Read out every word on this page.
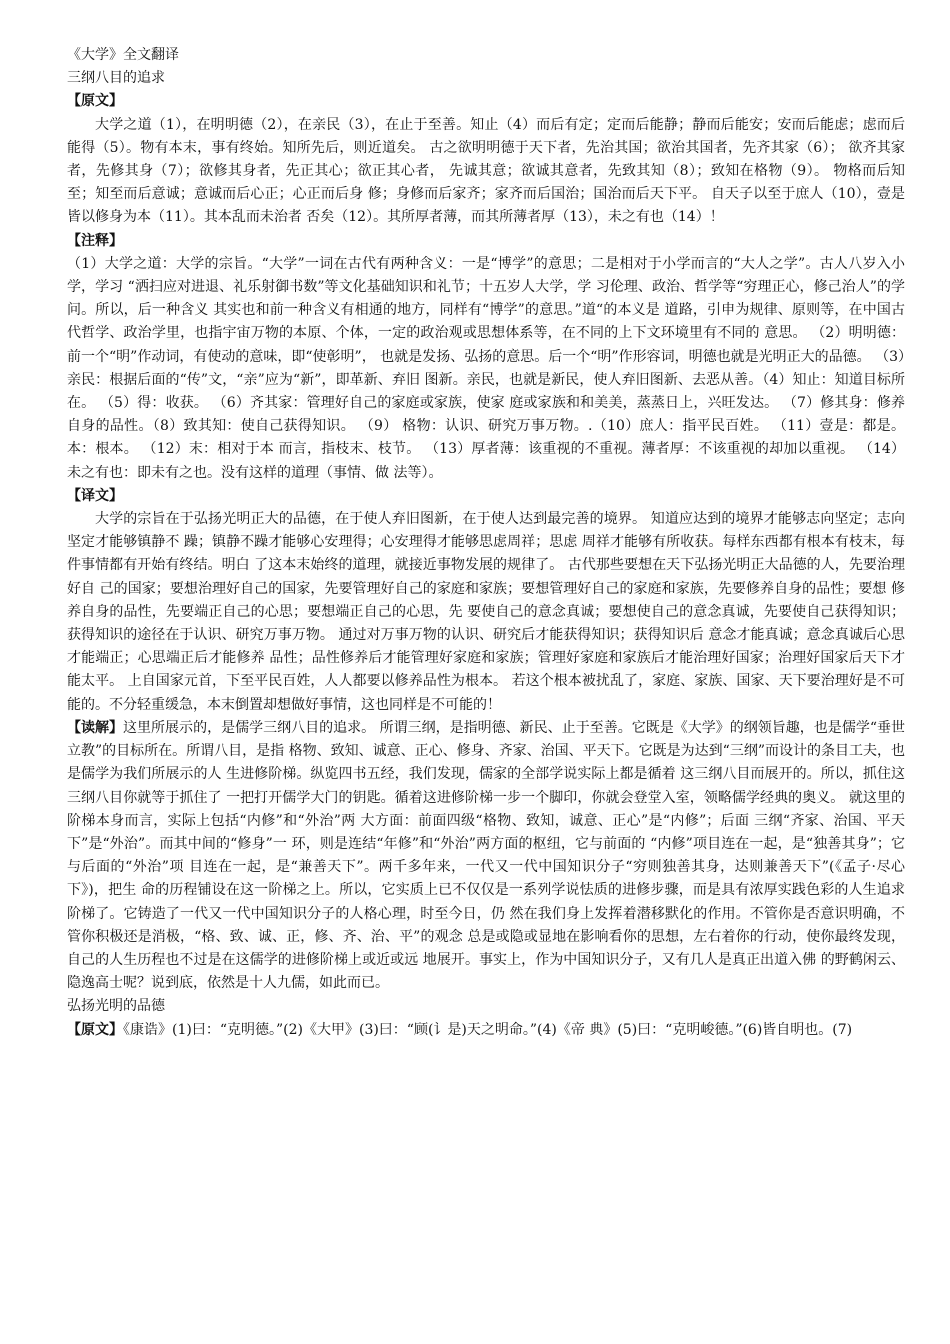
《大学》全文翻译
三纲八目的追求
【原文】
大学之道（1），在明明德（2），在亲民（3），在止于至善。知止（4）而后有定；定而后能静；静而后能安；安而后能虑；虑而后能得（5）。物有本末，事有终始。知所先后，则近道矣。 古之欲明明德于天下者，先治其国；欲治其国者，先齐其家（6）； 欲齐其家者，先修其身（7）；欲修其身者，先正其心；欲正其心者， 先诚其意；欲诚其意者，先致其知（8）；致知在格物（9）。 物格而后知至；知至而后意诚；意诚而后心正；心正而后身 修；身修而后家齐；家齐而后国治；国治而后天下平。 自天子以至于庶人（10），壹是皆以修身为本（11）。其本乱而未治者 否矣（12）。其所厚者薄，而其所薄者厚（13），未之有也（14）！
【注释】
（1）大学之道：大学的宗旨。“大学”一词在古代有两种含义：一是“博学”的意思；二是相对于小学而言的“大人之学”。古人八岁入小学，学习 “洒扫应对进退、礼乐射御书数”等文化基础知识和礼节；十五岁人大学，学 习伦理、政治、哲学等“穷理正心，修己治人”的学问。所以，后一种含义 其实也和前一种含义有相通的地方，同样有“博学”的意思。”道“的本义是 道路，引申为规律、原则等，在中国古代哲学、政治学里，也指宇宙万物的本原、个体，一定的政治观或思想体系等，在不同的上下文环境里有不同的 意思。 （2）明明德：前一个“明”作动词，有使动的意味，即“使彰明”， 也就是发扬、弘扬的意思。后一个“明”作形容词，明德也就是光明正大的品德。 （3）亲民：根据后面的“传”文，“亲”应为“新”，即革新、弃旧 图新。亲民，也就是新民，使人弃旧图新、去恶从善。（4）知止：知道目标所在。 （5）得：收获。 （6）齐其家：管理好自己的家庭或家族，使家 庭或家族和和美美，蒸蒸日上，兴旺发达。 （7）修其身：修养自身的品性。（8）致其知：使自己获得知识。 （9） 格物：认识、研究万事万物。.（10）庶人：指平民百姓。 （11）壹是：都是。本：根本。 （12）末：相对于本 而言，指枝末、枝节。 （13）厚者薄：该重视的不重视。薄者厚：不该重视的却加以重视。 （14）未之有也：即未有之也。没有这样的道理（事情、做 法等）。
【译文】
大学的宗旨在于弘扬光明正大的品德，在于使人弃旧图新，在于使人达到最完善的境界。 知道应达到的境界才能够志向坚定；志向坚定才能够镇静不 躁；镇静不躁才能够心安理得；心安理得才能够思虑周祥；思虑 周祥才能够有所收获。每样东西都有根本有枝末，每件事情都有开始有终结。明白 了这本末始终的道理，就接近事物发展的规律了。 古代那些要想在天下弘扬光明正大品德的人，先要治理好自 己的国家；要想治理好自己的国家，先要管理好自己的家庭和家族；要想管理好自己的家庭和家族，先要修养自身的品性；要想 修养自身的品性，先要端正自己的心思；要想端正自己的心思，先 要使自己的意念真诚；要想使自己的意念真诚，先要使自己获得知识；获得知识的途径在于认识、研究万事万物。 通过对万事万物的认识、研究后才能获得知识；获得知识后 意念才能真诚；意念真诚后心思才能端正；心思端正后才能修养 品性；品性修养后才能管理好家庭和家族；管理好家庭和家族后才能治理好国家；治理好国家后天下才能太平。 上自国家元首，下至平民百姓，人人都要以修养品性为根本。 若这个根本被扰乱了，家庭、家族、国家、天下要治理好是不可 能的。不分轻重缓急，本末倒置却想做好事情，这也同样是不可能的！
【读解】这里所展示的，是儒学三纲八目的追求。 所谓三纲，是指明德、新民、止于至善。它既是《大学》的纲领旨趣，也是儒学“垂世立教”的目标所在。所谓八目，是指 格物、致知、诚意、正心、修身、齐家、治国、平天下。它既是为达到“三纲”而设计的条目工夫，也是儒学为我们所展示的人 生进修阶梯。纵览四书五经，我们发现，儒家的全部学说实际上都是循着 这三纲八目而展开的。所以，抓住这三纲八目你就等于抓住了 一把打开儒学大门的钥匙。循着这进修阶梯一步一个脚印，你就会登堂入室，领略儒学经典的奥义。 就这里的阶梯本身而言，实际上包括“内修”和“外治”两 大方面：前面四级“格物、致知，诚意、正心”是“内修”；后面 三纲“齐家、治国、平天下”是“外治”。而其中间的“修身”一 环，则是连结“年修”和“外治”两方面的枢纽，它与前面的 “内修”项目连在一起，是“独善其身”；它与后面的“外治”项 目连在一起，是“兼善天下”。两千多年来，一代又一代中国知识分子“穷则独善其身，达则兼善天下”(《孟子·尽心下》)，把生 命的历程铺设在这一阶梯之上。所以，它实质上已不仅仅是一系列学说怯质的进修步骤，而是具有浓厚实践色彩的人生追求阶梯了。它铸造了一代又一代中国知识分子的人格心理，时至今日，仍 然在我们身上发挥着潜移默化的作用。不管你是否意识明确，不 管你积极还是消极，“格、致、诚、正，修、齐、治、平”的观念 总是或隐或显地在影响看你的思想，左右着你的行动，使你最终发现，自己的人生历程也不过是在这儒学的进修阶梯上或近或远 地展开。事实上，作为中国知识分子，又有几人是真正出道入佛 的野鹤闲云、隐逸高士呢？说到底，依然是十人九儒，如此而已。
弘扬光明的品德
【原文】《康诰》(1)曰：“克明德。”(2)《大甲》(3)曰：“顾(讠是)天之明命。”(4)《帝 典》(5)曰：“克明峻德。”(6)皆自明也。(7)
